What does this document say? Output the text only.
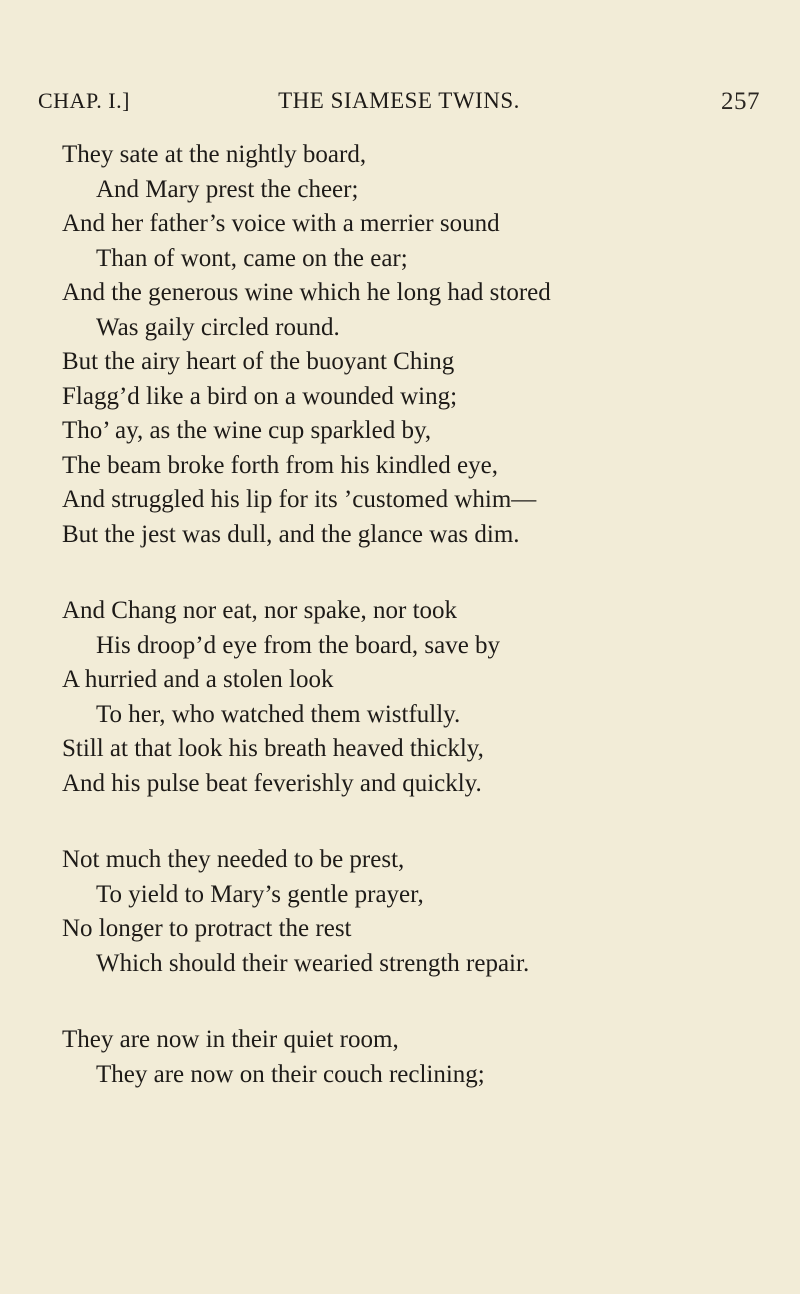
CHAP. I.]	THE SIAMESE TWINS.	257
They sate at the nightly board,
And Mary prest the cheer;
And her father’s voice with a merrier sound
Than of wont, came on the ear;
And the generous wine which he long had stored
Was gaily circled round.
But the airy heart of the buoyant Ching
Flagg’d like a bird on a wounded wing;
Tho’ ay, as the wine cup sparkled by,
The beam broke forth from his kindled eye,
And struggled his lip for its ’customed whim—
But the jest was dull, and the glance was dim.
And Chang nor eat, nor spake, nor took
His droop’d eye from the board, save by
A hurried and a stolen look
To her, who watched them wistfully.
Still at that look his breath heaved thickly,
And his pulse beat feverishly and quickly.
Not much they needed to be prest,
To yield to Mary’s gentle prayer,
No longer to protract the rest
Which should their wearied strength repair.
They are now in their quiet room,
They are now on their couch reclining;
